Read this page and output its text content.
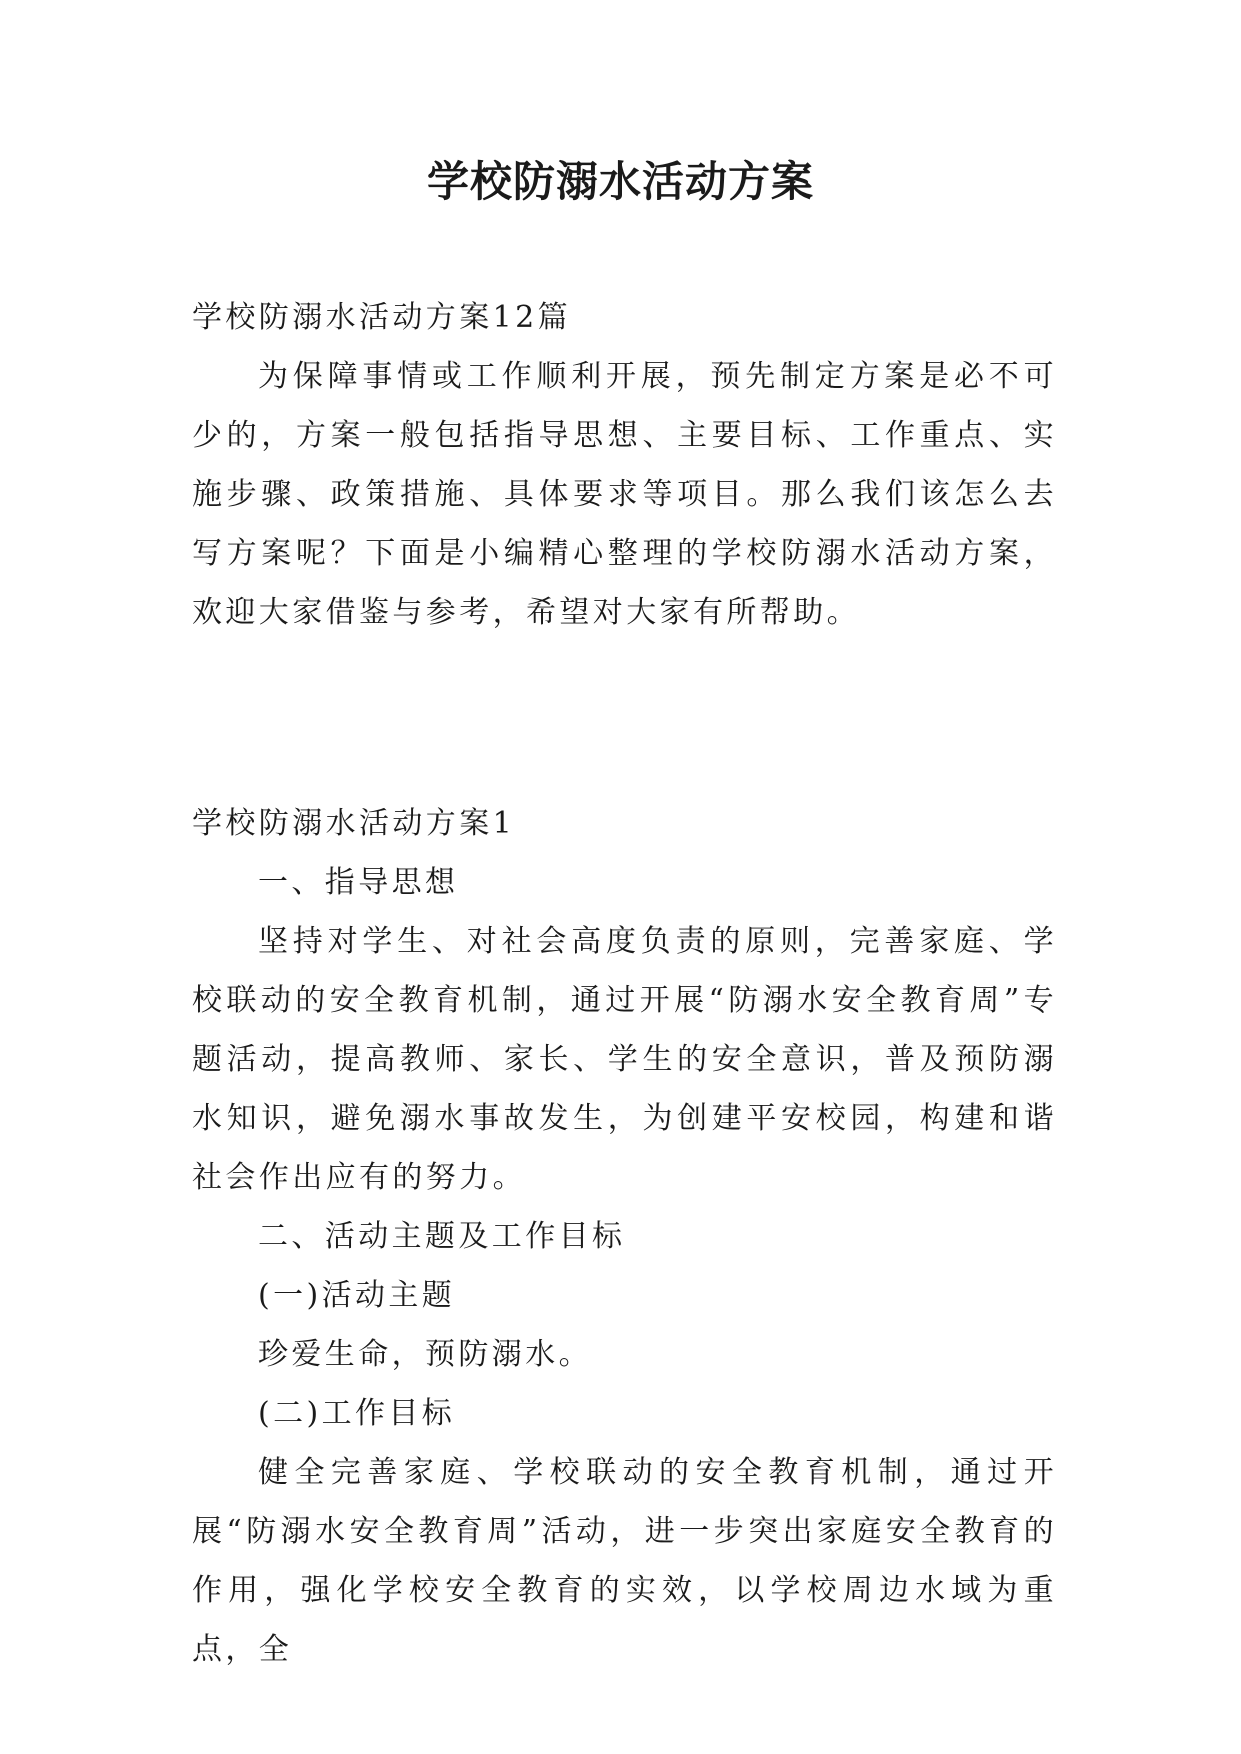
学校防溺水活动方案

学校防溺水活动方案12篇

为保障事情或工作顺利开展，预先制定方案是必不可少的，方案一般包括指导思想、主要目标、工作重点、实施步骤、政策措施、具体要求等项目。那么我们该怎么去写方案呢？下面是小编精心整理的学校防溺水活动方案，欢迎大家借鉴与参考，希望对大家有所帮助。

学校防溺水活动方案1

一、指导思想

坚持对学生、对社会高度负责的原则，完善家庭、学校联动的安全教育机制，通过开展“防溺水安全教育周”专题活动，提高教师、家长、学生的安全意识，普及预防溺水知识，避免溺水事故发生，为创建平安校园，构建和谐社会作出应有的努力。

二、活动主题及工作目标

(一)活动主题

珍爱生命，预防溺水。

(二)工作目标

健全完善家庭、学校联动的安全教育机制，通过开展“防溺水安全教育周”活动，进一步突出家庭安全教育的作用，强化学校安全教育的实效，以学校周边水域为重点，全
